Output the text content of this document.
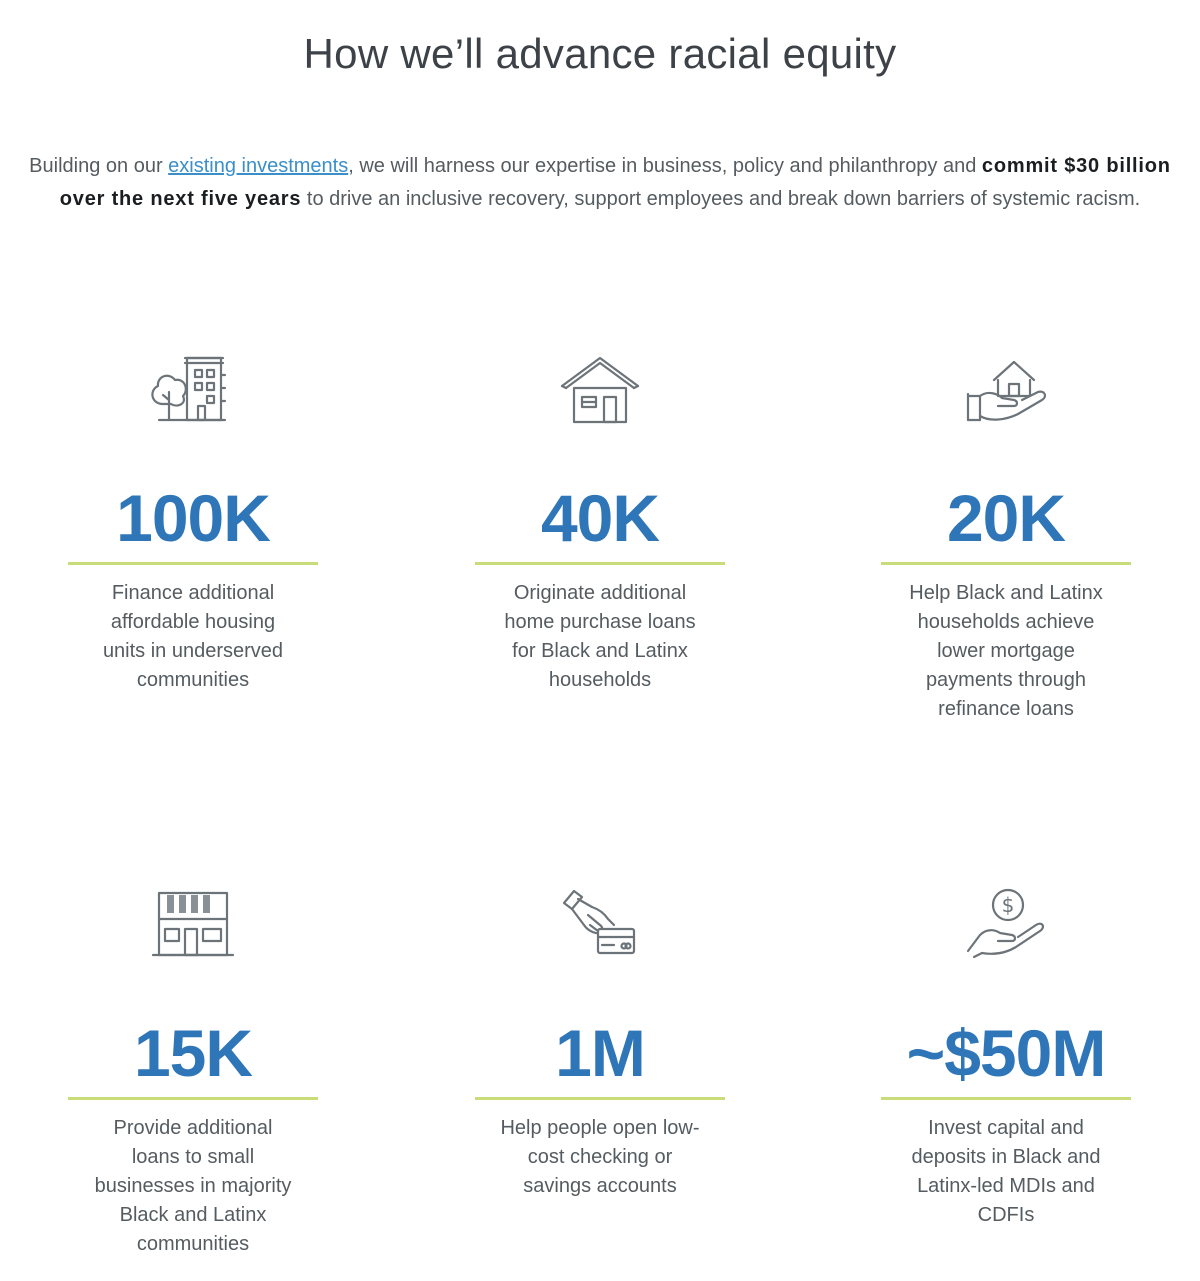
How we’ll advance racial equity

Building on our existing investments, we will harness our expertise in business, policy and philanthropy and commit $30 billion over the next five years to drive an inclusive recovery, support employees and break down barriers of systemic racism.

100K
Finance additional affordable housing units in underserved communities
40K
Originate additional home purchase loans for Black and Latinx households
20K
Help Black and Latinx households achieve lower mortgage payments through refinance loans
15K
Provide additional loans to small businesses in majority Black and Latinx communities
1M
Help people open low-cost checking or savings accounts
$
~$50M
Invest capital and deposits in Black and Latinx-led MDIs and CDFIs
